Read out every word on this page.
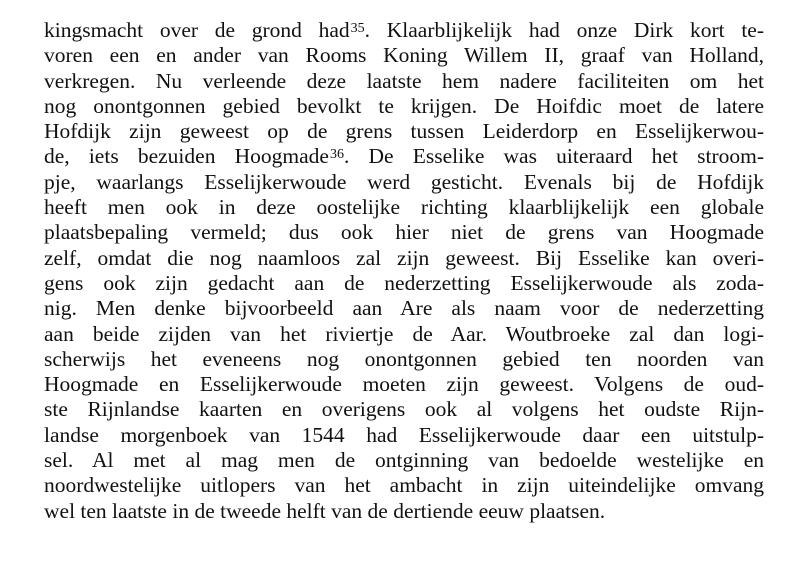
kingsmacht over de grond had$^{35}$. Klaarblijkelijk had onze Dirk kort te-
voren een en ander van Rooms Koning Willem II, graaf van Holland,
verkregen. Nu verleende deze laatste hem nadere faciliteiten om het
nog onontgonnen gebied bevolkt te krijgen. De Hoifdic moet de latere
Hofdijk zijn geweest op de grens tussen Leiderdorp en Esselijkerwou-
de, iets bezuiden Hoogmade$^{36}$. De Esselike was uiteraard het stroom-
pje, waarlangs Esselijkerwoude werd gesticht. Evenals bij de Hofdijk
heeft men ook in deze oostelijke richting klaarblijkelijk een globale
plaatsbepaling vermeld; dus ook hier niet de grens van Hoogmade
zelf, omdat die nog naamloos zal zijn geweest. Bij Esselike kan overi-
gens ook zijn gedacht aan de nederzetting Esselijkerwoude als zoda-
nig. Men denke bijvoorbeeld aan Are als naam voor de nederzetting
aan beide zijden van het riviertje de Aar. Woutbroeke zal dan logi-
scherwijs het eveneens nog onontgonnen gebied ten noorden van
Hoogmade en Esselijkerwoude moeten zijn geweest. Volgens de oud-
ste Rijnlandse kaarten en overigens ook al volgens het oudste Rijn-
landse morgenboek van 1544 had Esselijkerwoude daar een uitstulp-
sel. Al met al mag men de ontginning van bedoelde westelijke en
noordwestelijke uitlopers van het ambacht in zijn uiteindelijke omvang
wel ten laatste in de tweede helft van de dertiende eeuw plaatsen.
